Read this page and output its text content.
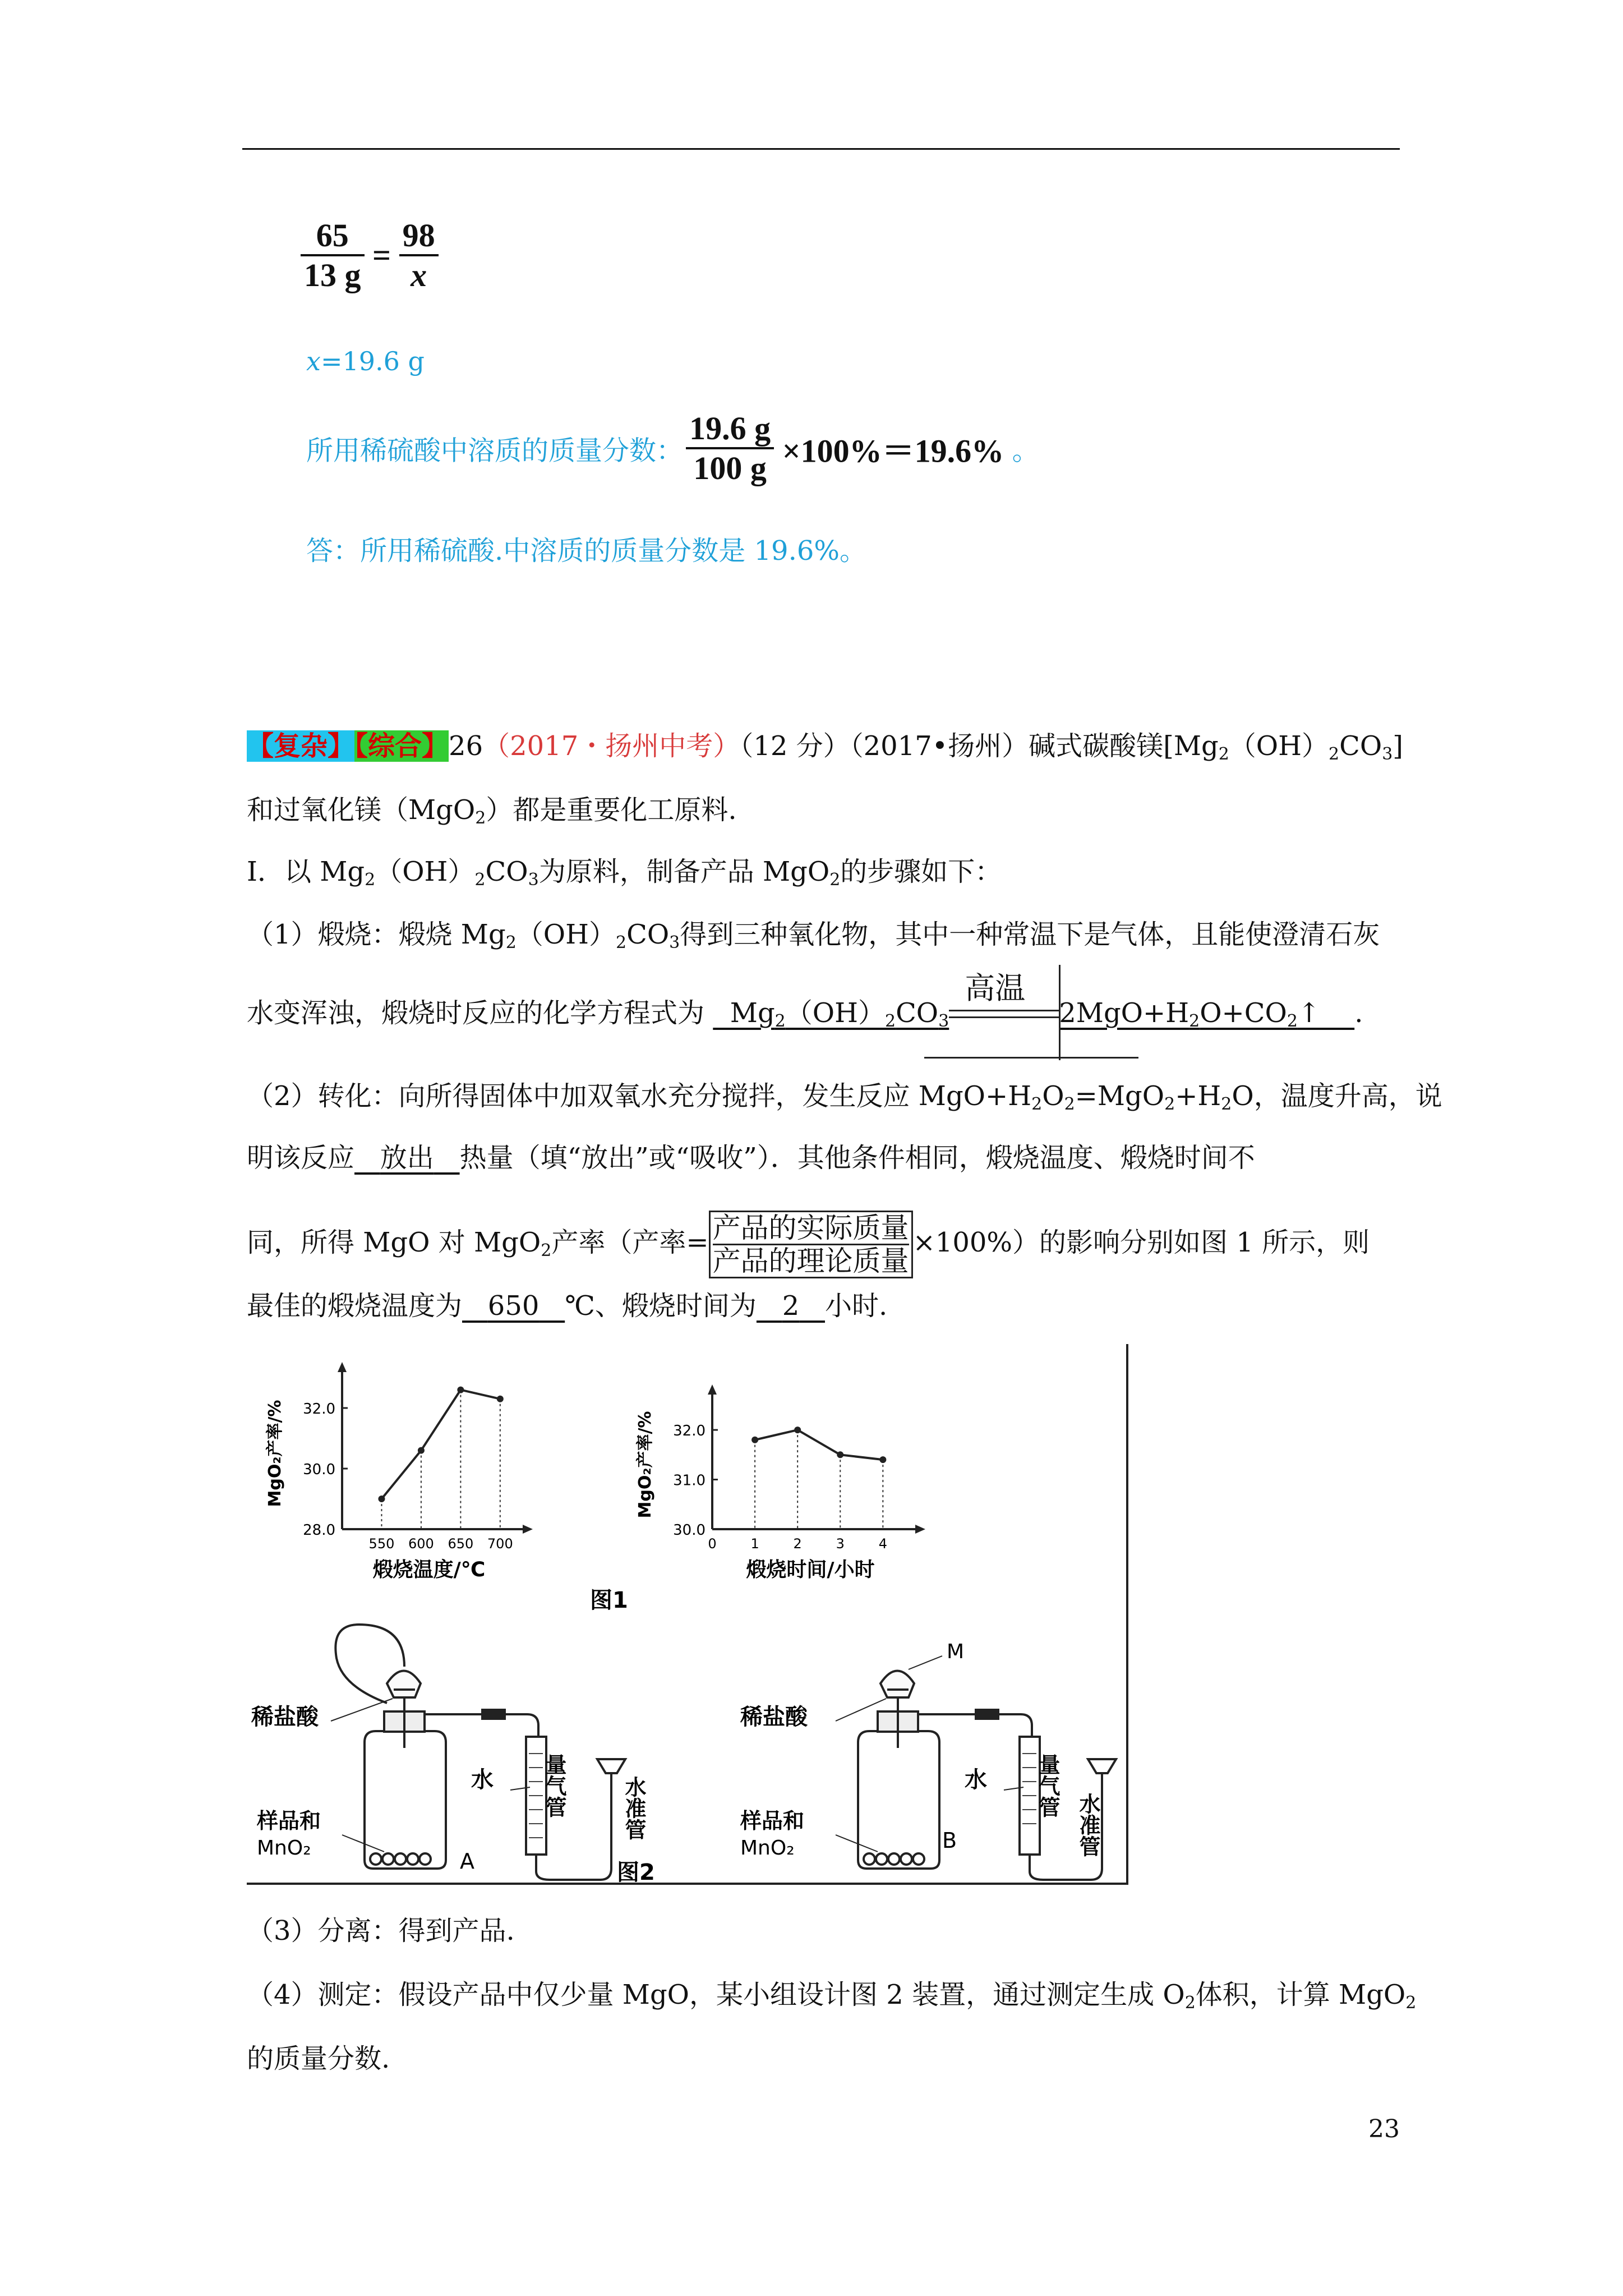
$\frac{65}{13 g} = \frac{98}{x}$
x=19.6 g
所用稀硫酸中溶质的质量分数： $\frac{19.6 g}{100 g} \times 100\%=19.6\%$ 。
答：所用稀硫酸.中溶质的质量分数是 19.6%。
【复杂】【综合】26（2017・扬州中考）（12 分）（2017•扬州）碱式碳酸镁$[Mg_2(OH)_2CO_3]$
和过氧化镁（MgO$_2$）都是重要化工原料.
Ⅰ．以 $Mg_2(OH)_2CO_3$为原料，制备产品 MgO$_2$的步骤如下：
（1）煅烧：煅烧 $Mg_2(OH)_2CO_3$得到三种氧化物，其中一种常温下是气体，且能使澄清石灰
水变浑浊，煅烧时反应的化学方程式为   $Mg_2(OH)_2CO_3$
高温
$2MgO+H_2O+CO_2↑$    .
（2）转化：向所得固体中加双氧水充分搅拌，发生反应 $MgO+H_2O_2=MgO_2+H_2O$，温度升高，说
明该反应 放出 热量（填“放出”或“吸收”）．其他条件相同，煅烧温度、煅烧时间不
同，所得 MgO 对 MgO$_2$产率（产率= 产品的实际质量
产品的理论质量
×100%）的影响分别如图 1 所示，则
最佳的煅烧温度为 650 ℃、煅烧时间为 2 小时.
28.0
30.0
32.0
550 600 650 700
煅烧温度/℃
MgO₂产率/%
30.0
31.0
32.0
0	1	2	3	4
煅烧时间/小时
MgO₂产率/%
图1
稀盐酸
样品和
MnO₂
水 量气管	水准管
A	图2
稀盐酸
样品和
MnO₂
M
水 量气管
水准管
B
（3）分离：得到产品.
（4）测定：假设产品中仅少量 MgO，某小组设计图 2 装置，通过测定生成 $O_2$体积，计算 MgO$_2$
的质量分数.
23
